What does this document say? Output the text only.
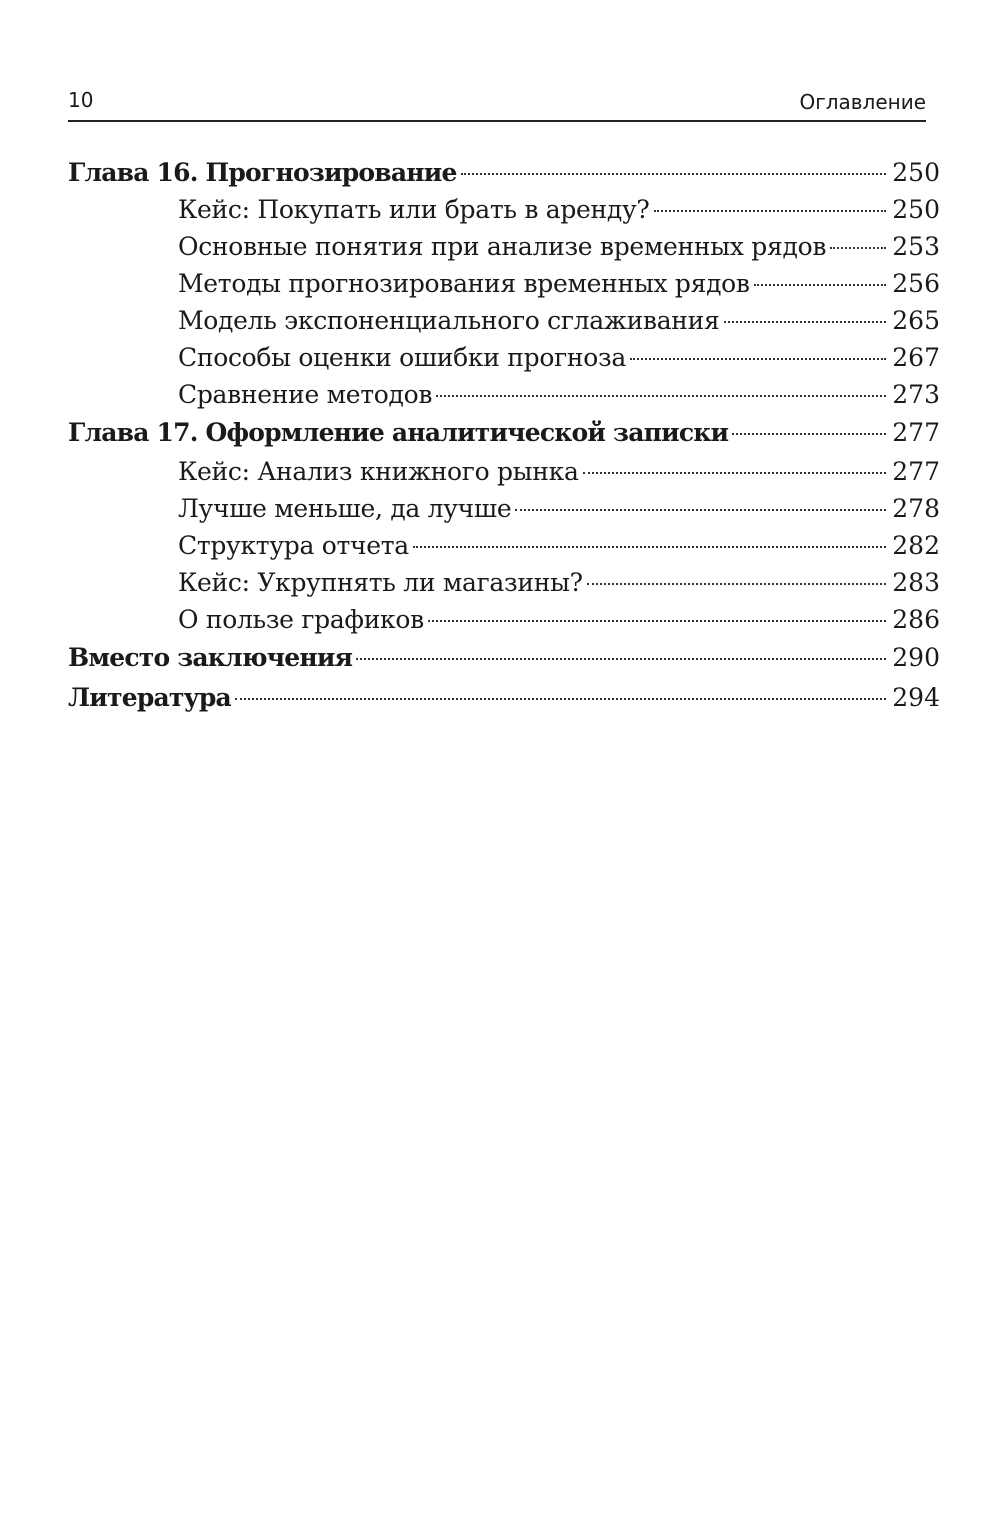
10	Оглавление
Глава 16. Прогнозирование	250
Кейс: Покупать или брать в аренду?	250
Основные понятия при анализе временных рядов	253
Методы прогнозирования временных рядов	256
Модель экспоненциального сглаживания	265
Способы оценки ошибки прогноза	267
Сравнение методов	273
Глава 17. Оформление аналитической записки	277
Кейс: Анализ книжного рынка	277
Лучше меньше, да лучше	278
Структура отчета	282
Кейс: Укрупнять ли магазины?	283
О пользе графиков	286
Вместо заключения	290
Литература	294
